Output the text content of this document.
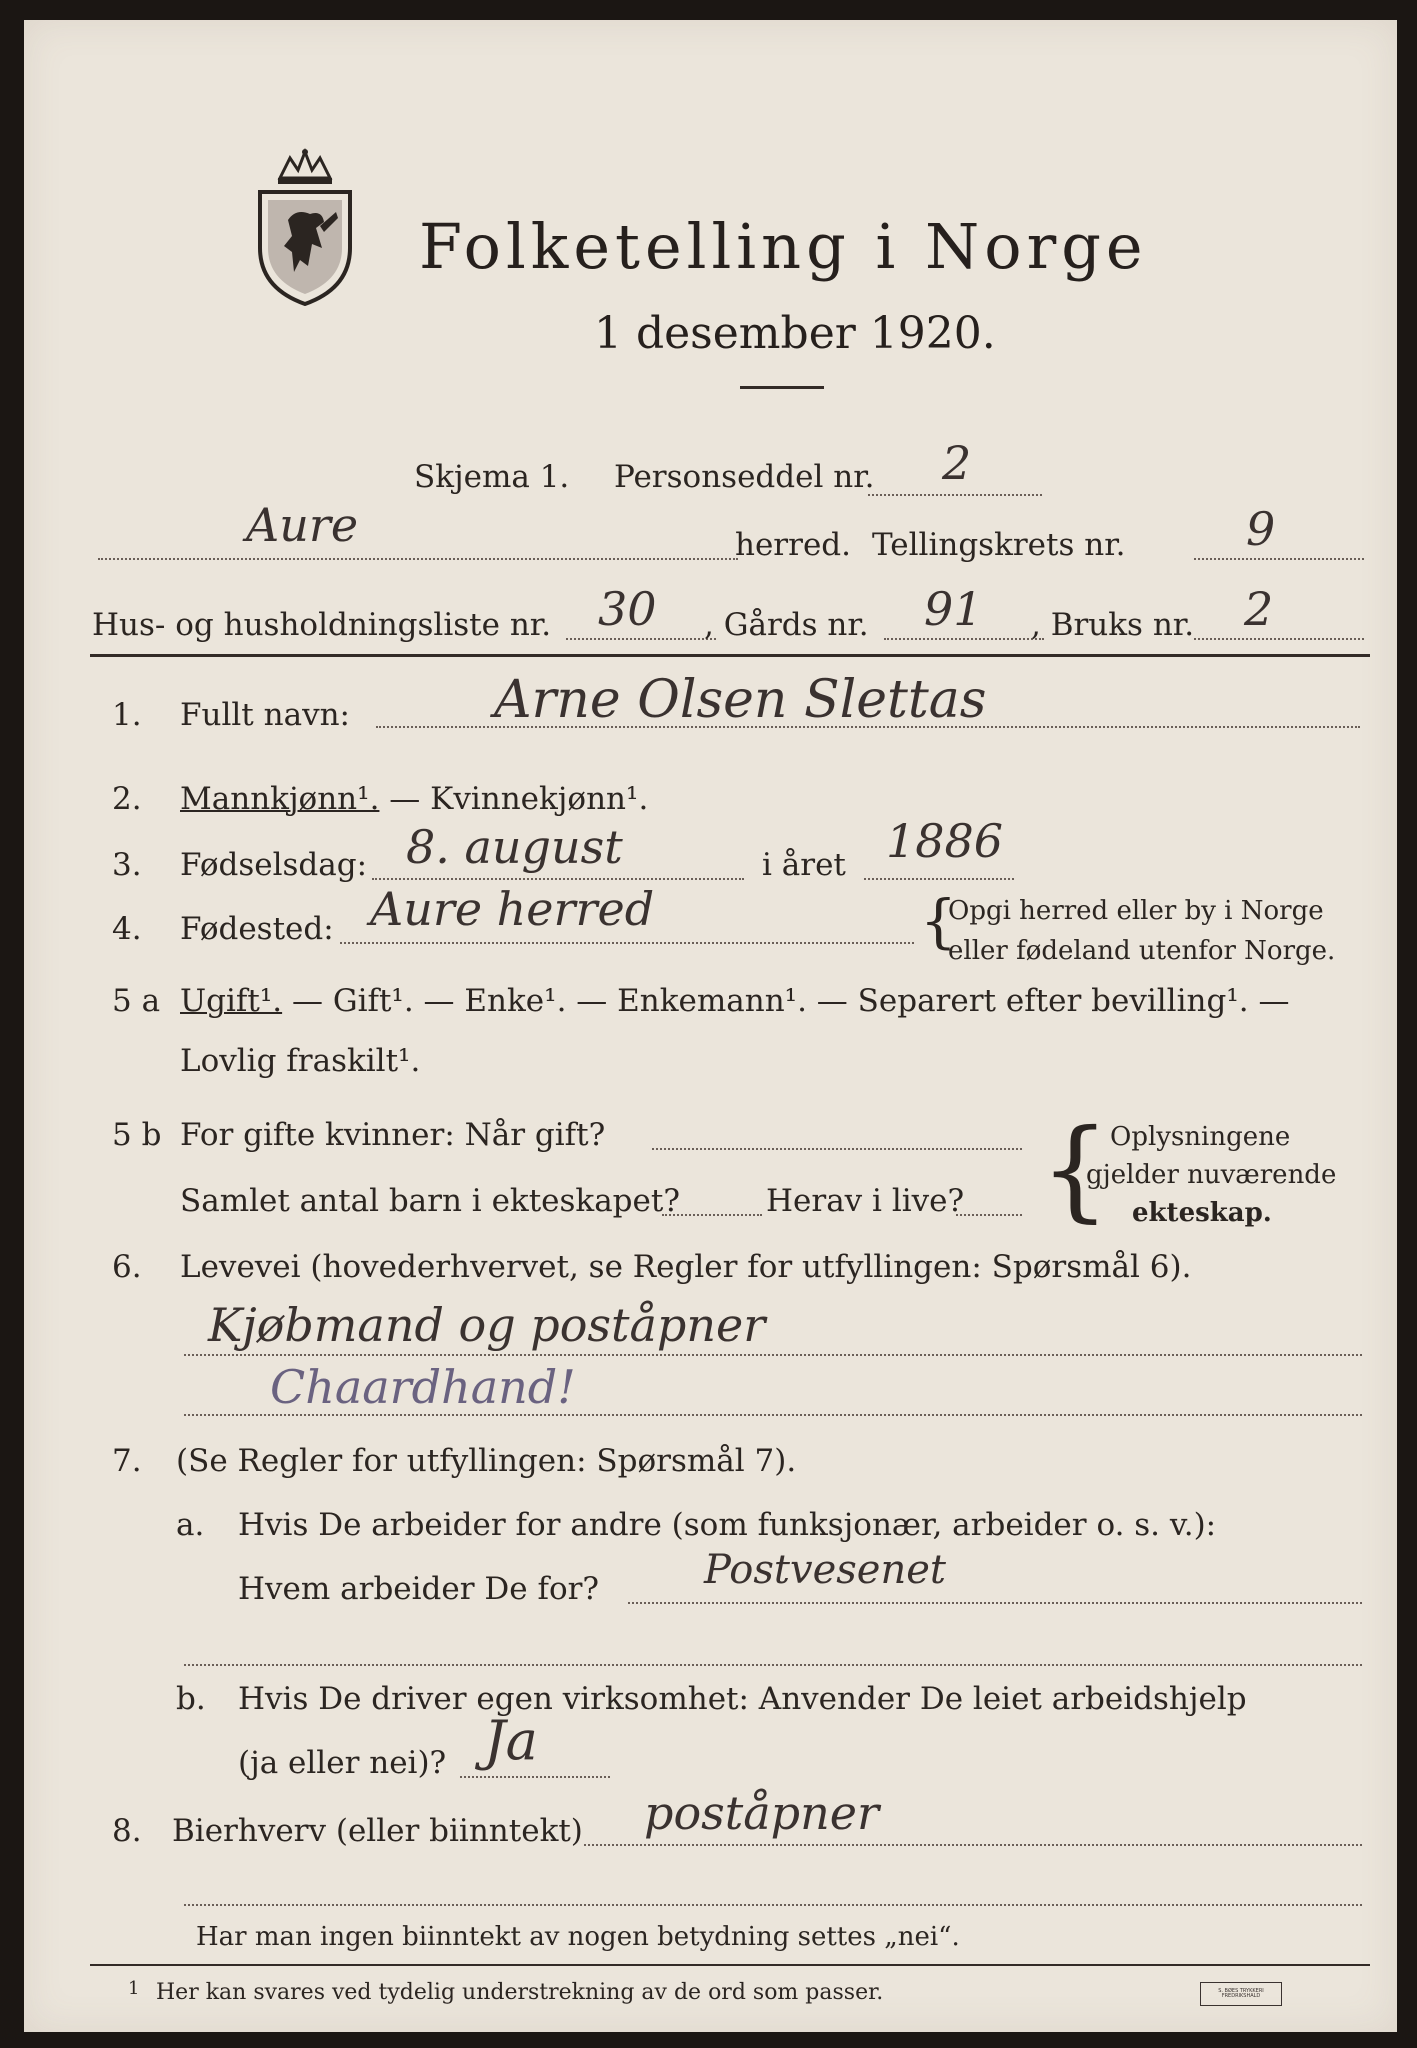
Folketelling i Norge
1 desember 1920.
Skjema 1. Personseddel nr. 2
Aure	herred. Tellingskrets nr.	9
Hus- og husholdningsliste nr. 30 , Gårds nr. 91 , Bruks nr. 2
1. Fullt navn:	Arne Olsen Slettas
2. Mannkjønn¹. — Kvinnekjønn¹.
3. Fødselsdag: 8. august	i året 1886
4. Fødested: Aure herred	{
Opgi herred eller by i Norge
eller fødeland utenfor Norge.
5 a Ugift¹. — Gift¹. — Enke¹. — Enkemann¹. — Separert efter bevilling¹. —
Lovlig fraskilt¹.
5 b For gifte kvinner: Når gift?
Samlet antal barn i ekteskapet?	Herav i live? { Oplysningene
gjelder nuværende
ekteskap.
6. Levevei (hovederhvervet, se Regler for utfyllingen: Spørsmål 6).
Kjøbmand og poståpner
Chaardhand!
7. (Se Regler for utfyllingen: Spørsmål 7).
a. Hvis De arbeider for andre (som funksjonær, arbeider o. s. v.):
Hvem arbeider De for?	Postvesenet
b. Hvis De driver egen virksomhet: Anvender De leiet arbeidshjelp
(ja eller nei)? Ja
8. Bierhverv (eller biinntekt) poståpner
Har man ingen biinntekt av nogen betydning settes „nei“.
1 Her kan svares ved tydelig understrekning av de ord som passer.	S. BØES TRYKKERI FREDRIKSHALD
